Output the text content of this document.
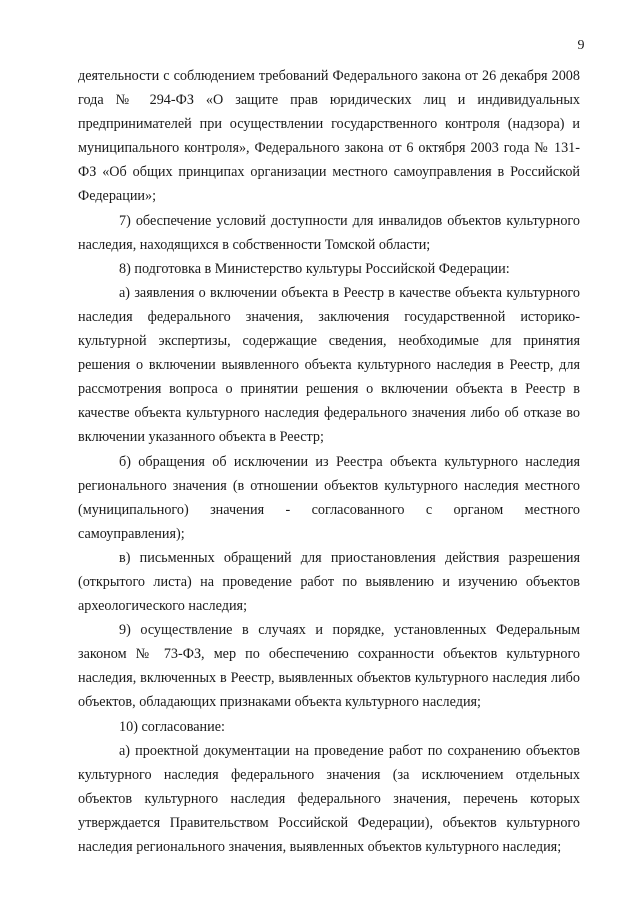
9

деятельности с соблюдением требований Федерального закона от 26 декабря 2008 года № 294-ФЗ «О защите прав юридических лиц и индивидуальных предпринимателей при осуществлении государственного контроля (надзора) и муниципального контроля», Федерального закона от 6 октября 2003 года № 131-ФЗ «Об общих принципах организации местного самоуправления в Российской Федерации»;

7) обеспечение условий доступности для инвалидов объектов культурного наследия, находящихся в собственности Томской области;

8) подготовка в Министерство культуры Российской Федерации:

а) заявления о включении объекта в Реестр в качестве объекта культурного наследия федерального значения, заключения государственной историко-культурной экспертизы, содержащие сведения, необходимые для принятия решения о включении выявленного объекта культурного наследия в Реестр, для рассмотрения вопроса о принятии решения о включении объекта в Реестр в качестве объекта культурного наследия федерального значения либо об отказе во включении указанного объекта в Реестр;

б) обращения об исключении из Реестра объекта культурного наследия регионального значения (в отношении объектов культурного наследия местного (муниципального) значения - согласованного с органом местного самоуправления);

в) письменных обращений для приостановления действия разрешения (открытого листа) на проведение работ по выявлению и изучению объектов археологического наследия;

9) осуществление в случаях и порядке, установленных Федеральным законом № 73-ФЗ, мер по обеспечению сохранности объектов культурного наследия, включенных в Реестр, выявленных объектов культурного наследия либо объектов, обладающих признаками объекта культурного наследия;

10) согласование:

а) проектной документации на проведение работ по сохранению объектов культурного наследия федерального значения (за исключением отдельных объектов культурного наследия федерального значения, перечень которых утверждается Правительством Российской Федерации), объектов культурного наследия регионального значения, выявленных объектов культурного наследия;
